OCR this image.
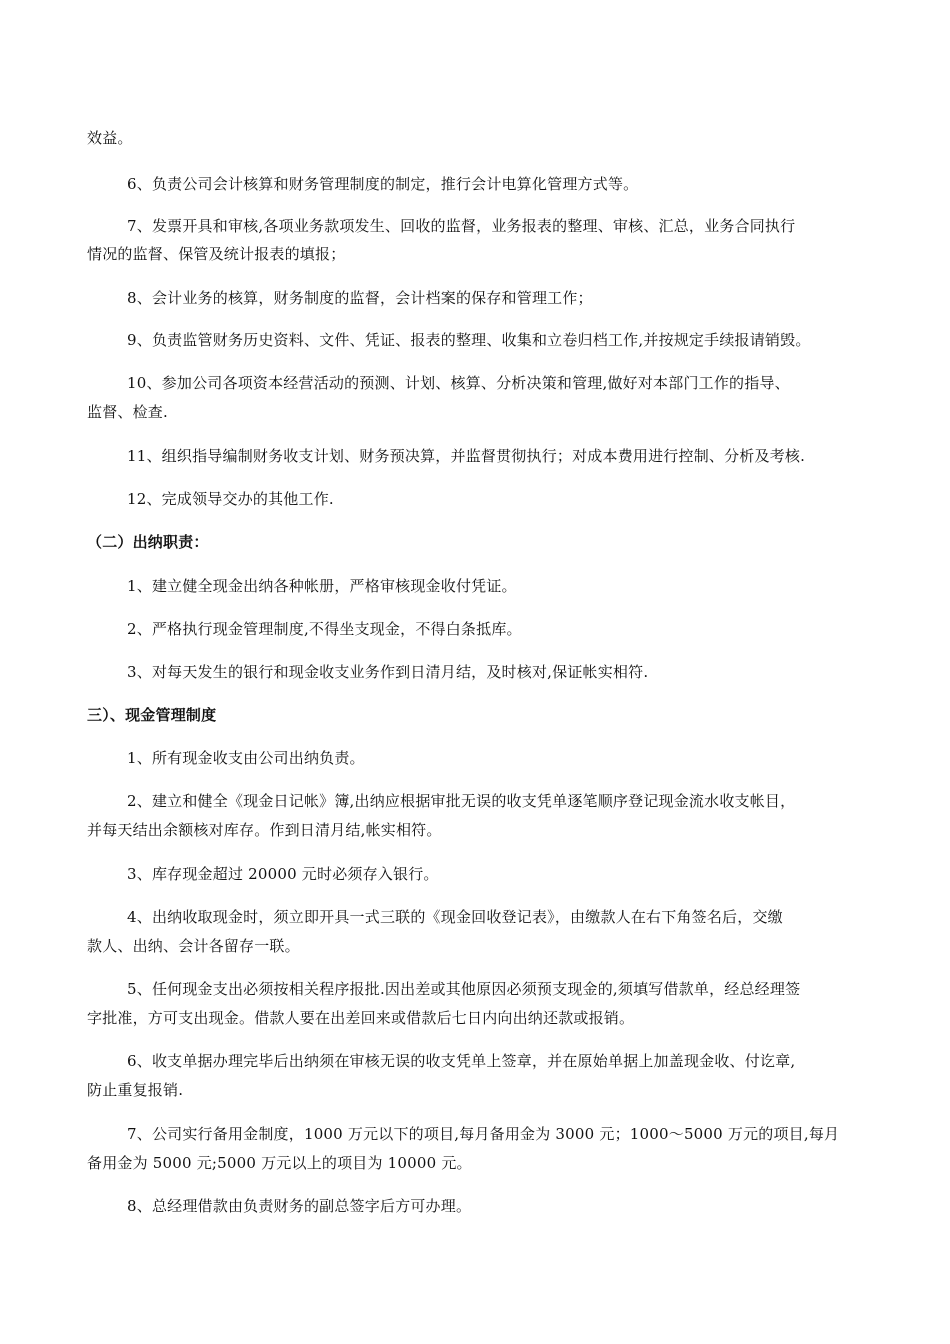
效益。
6、负责公司会计核算和财务管理制度的制定，推行会计电算化管理方式等。
7、发票开具和审核,各项业务款项发生、回收的监督，业务报表的整理、审核、汇总，业务合同执行
情况的监督、保管及统计报表的填报；
8、会计业务的核算，财务制度的监督，会计档案的保存和管理工作；
9、负责监管财务历史资料、文件、凭证、报表的整理、收集和立卷归档工作,并按规定手续报请销毁。
10、参加公司各项资本经营活动的预测、计划、核算、分析决策和管理,做好对本部门工作的指导、
监督、检查.
11、组织指导编制财务收支计划、财务预决算，并监督贯彻执行；对成本费用进行控制、分析及考核.
12、完成领导交办的其他工作.
（二）出纳职责：
1、建立健全现金出纳各种帐册，严格审核现金收付凭证。
2、严格执行现金管理制度,不得坐支现金，不得白条抵库。
3、对每天发生的银行和现金收支业务作到日清月结，及时核对,保证帐实相符.
三）、现金管理制度
1、所有现金收支由公司出纳负责。
2、建立和健全《现金日记帐》簿,出纳应根据审批无误的收支凭单逐笔顺序登记现金流水收支帐目，
并每天结出余额核对库存。作到日清月结,帐实相符。
3、库存现金超过 20000 元时必须存入银行。
4、出纳收取现金时，须立即开具一式三联的《现金回收登记表》，由缴款人在右下角签名后，交缴
款人、出纳、会计各留存一联。
5、任何现金支出必须按相关程序报批.因出差或其他原因必须预支现金的,须填写借款单，经总经理签
字批准，方可支出现金。借款人要在出差回来或借款后七日内向出纳还款或报销。
6、收支单据办理完毕后出纳须在审核无误的收支凭单上签章，并在原始单据上加盖现金收、付讫章,
防止重复报销.
7、公司实行备用金制度，1000 万元以下的项目,每月备用金为 3000 元；1000～5000 万元的项目,每月
备用金为 5000 元;5000 万元以上的项目为 10000 元。
8、总经理借款由负责财务的副总签字后方可办理。
